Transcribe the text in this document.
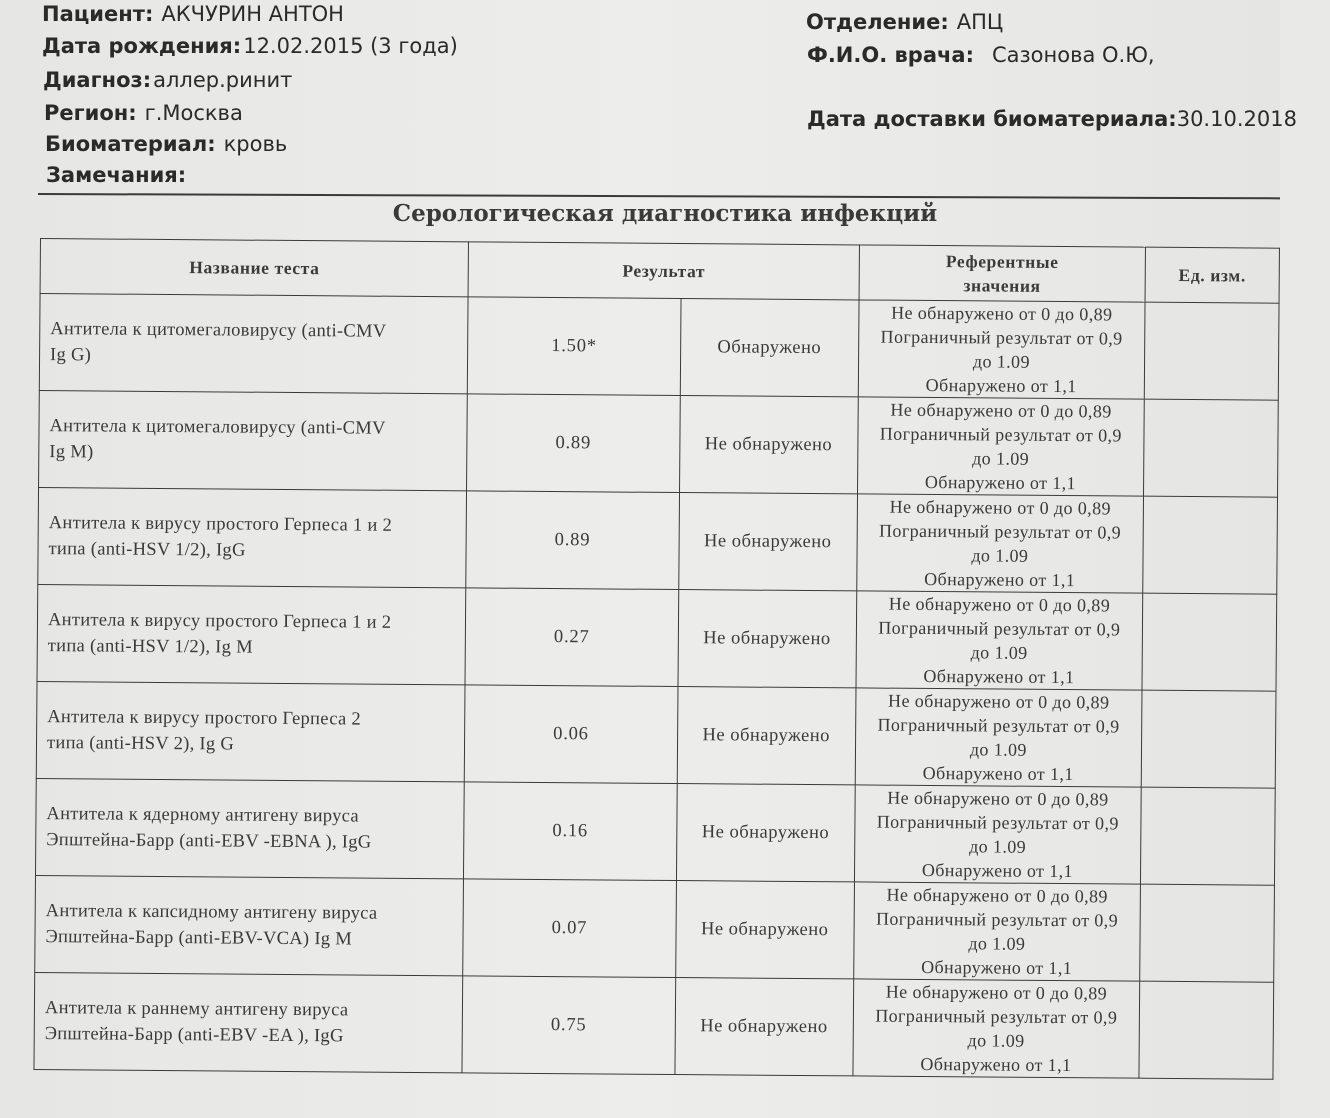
Пациент: АКЧУРИН АНТОН
Дата рождения:12.02.2015 (3 года)
Диагноз:аллер.ринит
Регион: г.Москва
Биоматериал: кровь
Замечания:
Отделение: АПЦ
Ф.И.О. врача: Сазонова О.Ю,
Дата доставки биоматериала:30.10.2018
Серологическая диагностика инфекций
Название теста	Результат		Референтные
значения	Ед. изм.

Антитела к цитомегаловирусу (anti-CMV
Ig G)	1.50*	Обнаружено	Не обнаружено от 0 до 0,89
Пограничный результат от 0,9
до 1.09
Обнаружено от 1,1	

Антитела к цитомегаловирусу (anti-CMV
Ig M)	0.89	Не обнаружено	Не обнаружено от 0 до 0,89
Пограничный результат от 0,9
до 1.09
Обнаружено от 1,1	

Антитела к вирусу простого Герпеса 1 и 2
типа (anti-HSV 1/2), IgG	0.89	Не обнаружено	Не обнаружено от 0 до 0,89
Пограничный результат от 0,9
до 1.09
Обнаружено от 1,1	

Антитела к вирусу простого Герпеса 1 и 2
типа (anti-HSV 1/2), Ig M	0.27	Не обнаружено	Не обнаружено от 0 до 0,89
Пограничный результат от 0,9
до 1.09
Обнаружено от 1,1	

Антитела к вирусу простого Герпеса 2
типа (anti-HSV 2), Ig G	0.06	Не обнаружено	Не обнаружено от 0 до 0,89
Пограничный результат от 0,9
до 1.09
Обнаружено от 1,1	

Антитела к ядерному антигену вируса
Эпштейна-Барр (anti-EBV -EBNA ), IgG	0.16	Не обнаружено	Не обнаружено от 0 до 0,89
Пограничный результат от 0,9
до 1.09
Обнаружено от 1,1	

Антитела к капсидному антигену вируса
Эпштейна-Барр (anti-EBV-VCA) Ig M	0.07	Не обнаружено	Не обнаружено от 0 до 0,89
Пограничный результат от 0,9
до 1.09
Обнаружено от 1,1	

Антитела к раннему антигену вируса
Эпштейна-Барр (anti-EBV -EA ), IgG	0.75	Не обнаружено	Не обнаружено от 0 до 0,89
Пограничный результат от 0,9
до 1.09
Обнаружено от 1,1	
